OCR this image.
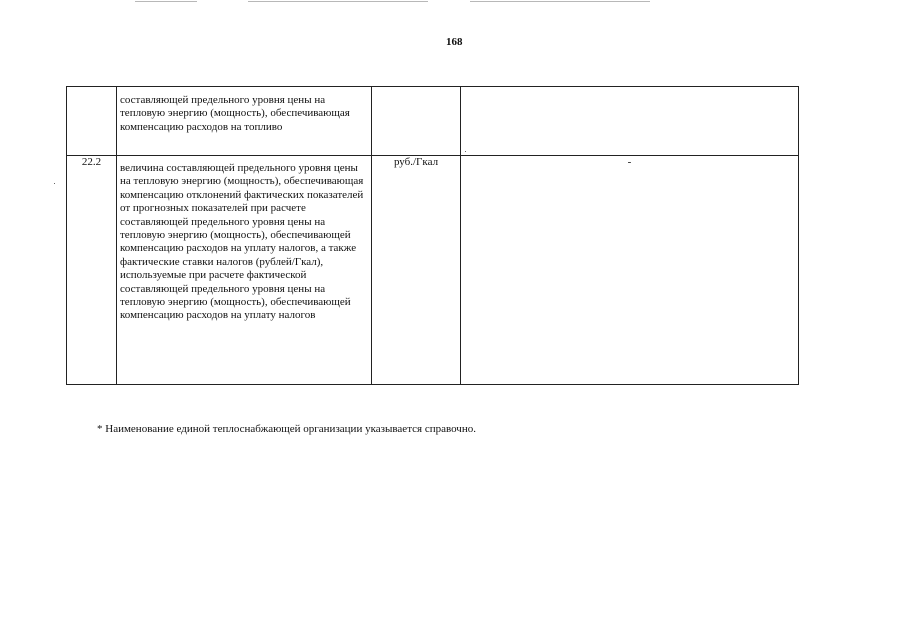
168

	составляющей предельного уровня цены на тепловую энергию (мощность), обеспечивающая компенсацию расходов на топливо		

22.2	величина составляющей предельного уровня цены на тепловую энергию (мощность), обеспечивающая компенсацию отклонений фактических показателей от прогнозных показателей при расчете составляющей предельного уровня цены на тепловую энергию (мощность), обеспечивающей компенсацию расходов на уплату налогов, а также фактические ставки налогов (рублей/Гкал), используемые при расчете фактической составляющей предельного уровня цены на тепловую энергию (мощность), обеспечивающей компенсацию расходов на уплату налогов	руб./Гкал	-
* Наименование единой теплоснабжающей организации указывается справочно.
